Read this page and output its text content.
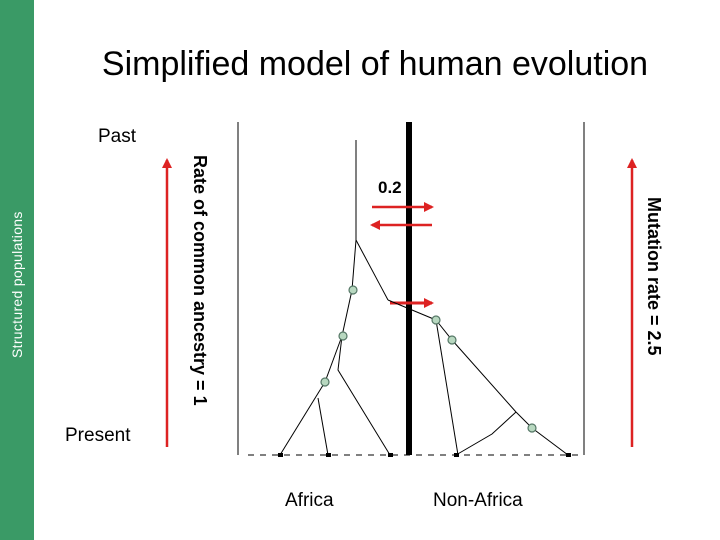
Structured populations
Simplified model of human evolution
Past
Present
0.2
Africa	Non-Africa
Rate of common ancestry = 1	Mutation rate = 2.5
